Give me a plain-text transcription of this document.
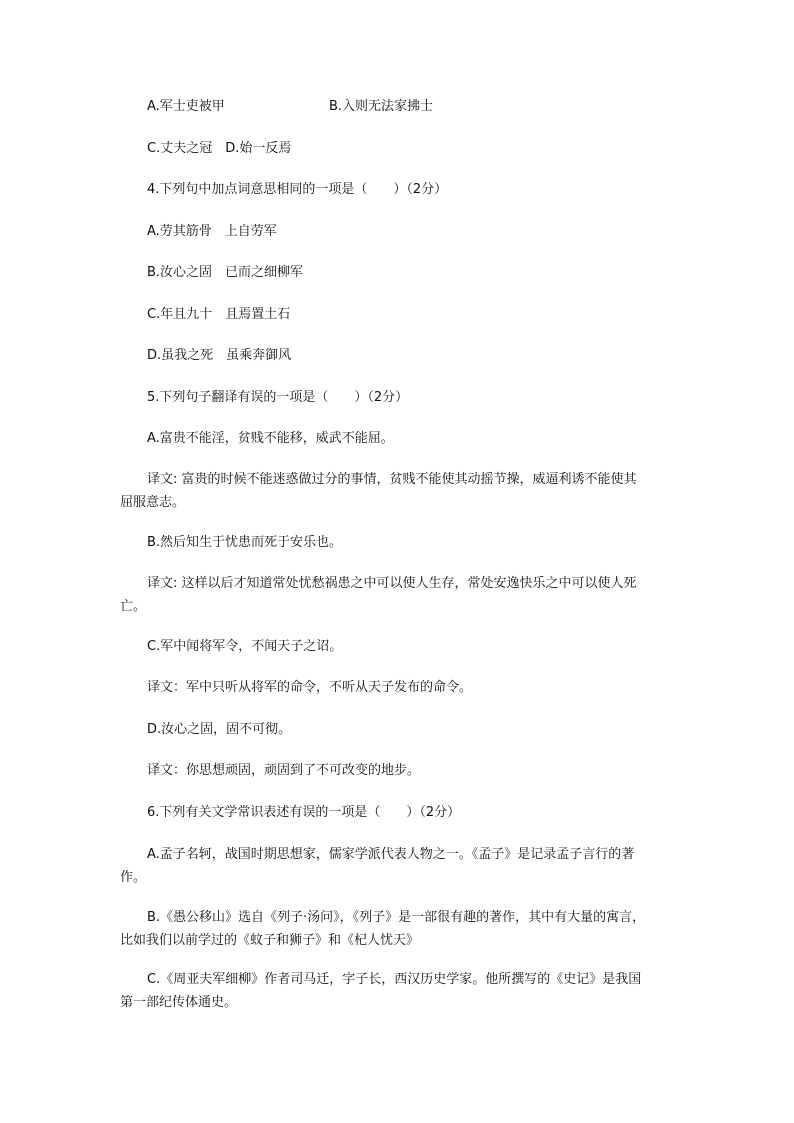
A.军士吏被甲	B.入则无法家拂士
C.丈夫之冠　D.始一反焉
4.下列句中加点词意思相同的一项是（　　）（2分）
A.劳其筋骨　上自劳军
B.汝心之固　已而之细柳军
C.年且九十　且焉置土石
D.虽我之死　虽乘奔御风
5.下列句子翻译有误的一项是（　　）（2分）
A.富贵不能淫，贫贱不能移，威武不能屈。
译文: 富贵的时候不能迷惑做过分的事情，贫贱不能使其动摇节操，威逼利诱不能使其
屈服意志。
B.然后知生于忧患而死于安乐也。
译文: 这样以后才知道常处忧愁祸患之中可以使人生存，常处安逸快乐之中可以使人死
亡。
C.军中闻将军令，不闻天子之诏。
译文：军中只听从将军的命令，不听从天子发布的命令。
D.汝心之固，固不可彻。
译文：你思想顽固，顽固到了不可改变的地步。
6.下列有关文学常识表述有误的一项是（　　）（2分）
A.孟子名轲，战国时期思想家，儒家学派代表人物之一。《孟子》是记录孟子言行的著
作。
B.《愚公移山》选自《列子·汤问》，《列子》是一部很有趣的著作，其中有大量的寓言，
比如我们以前学过的《蚊子和狮子》和《杞人忧天》
C.《周亚夫军细柳》作者司马迁，字子长，西汉历史学家。他所撰写的《史记》是我国
第一部纪传体通史。
